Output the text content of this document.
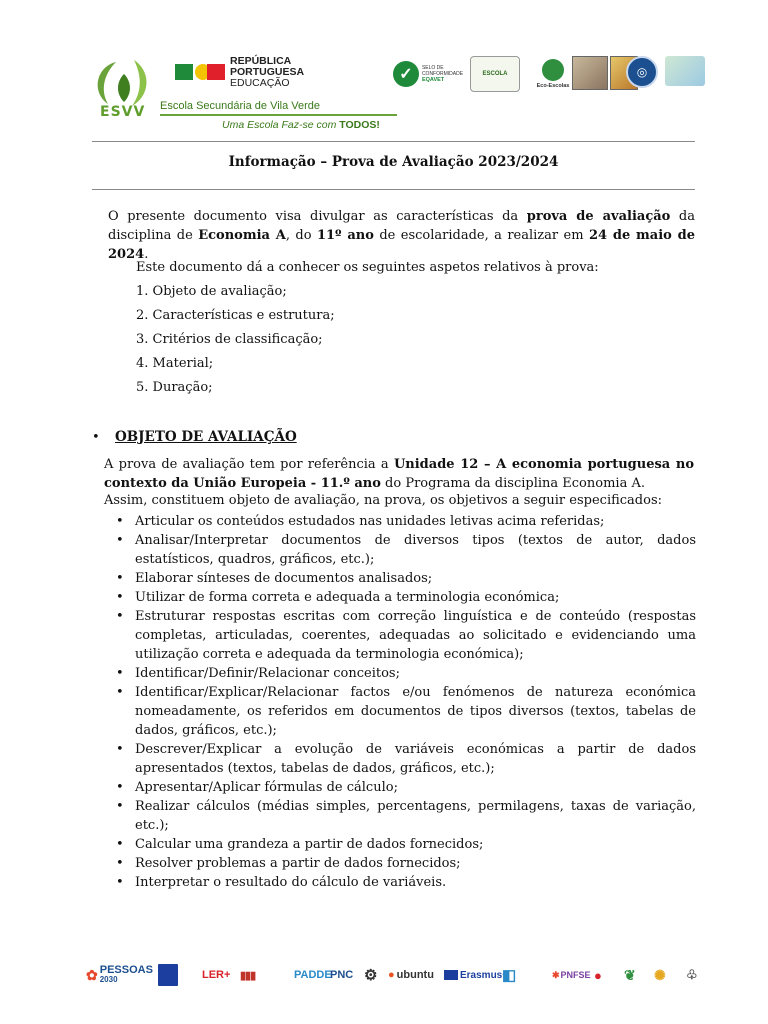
ESVV
REPÚBLICA
PORTUGUESA
EDUCAÇÃO
Escola Secundária de Vila Verde
Uma Escola Faz-se com TODOS!
✓	SELO DE
CONFORMIDADE
EQAVET
ESCOLA
Eco-Escolas
◎
Informação – Prova de Avaliação 2023/2024
O presente documento visa divulgar as características da prova de avaliação da disciplina de Economia A, do 11º ano de escolaridade, a realizar em 24 de maio de 2024.
Este documento dá a conhecer os seguintes aspetos relativos à prova:
1. Objeto de avaliação;
2. Características e estrutura;
3. Critérios de classificação;
4. Material;
5. Duração;
• OBJETO DE AVALIAÇÃO
A prova de avaliação tem por referência a Unidade 12 – A economia portuguesa no contexto da União Europeia - 11.º ano do Programa da disciplina Economia A.
Assim, constituem objeto de avaliação, na prova, os objetivos a seguir especificados:
• Articular os conteúdos estudados nas unidades letivas acima referidas;
• Analisar/Interpretar documentos de diversos tipos (textos de autor, dados estatísticos, quadros, gráficos, etc.);
• Elaborar sínteses de documentos analisados;
• Utilizar de forma correta e adequada a terminologia económica;
• Estruturar respostas escritas com correção linguística e de conteúdo (respostas completas, articuladas, coerentes, adequadas ao solicitado e evidenciando uma utilização correta e adequada da terminologia económica);
• Identificar/Definir/Relacionar conceitos;
• Identificar/Explicar/Relacionar factos e/ou fenómenos de natureza económica nomeadamente, os referidos em documentos de tipos diversos (textos, tabelas de dados, gráficos, etc.);
• Descrever/Explicar a evolução de variáveis económicas a partir de dados apresentados (textos, tabelas de dados, gráficos, etc.);
• Apresentar/Aplicar fórmulas de cálculo;
• Realizar cálculos (médias simples, percentagens, permilagens, taxas de variação, etc.);
• Calcular uma grandeza a partir de dados fornecidos;
• Resolver problemas a partir de dados fornecidos;
• Interpretar o resultado do cálculo de variáveis.
✿ PESSOAS
2030	LER+ ▮▮▮	PADDE
PNC ⚙ ● ubuntu	Erasmus+
◧	✱ PNFSE ● ❦ ✺ ♧
